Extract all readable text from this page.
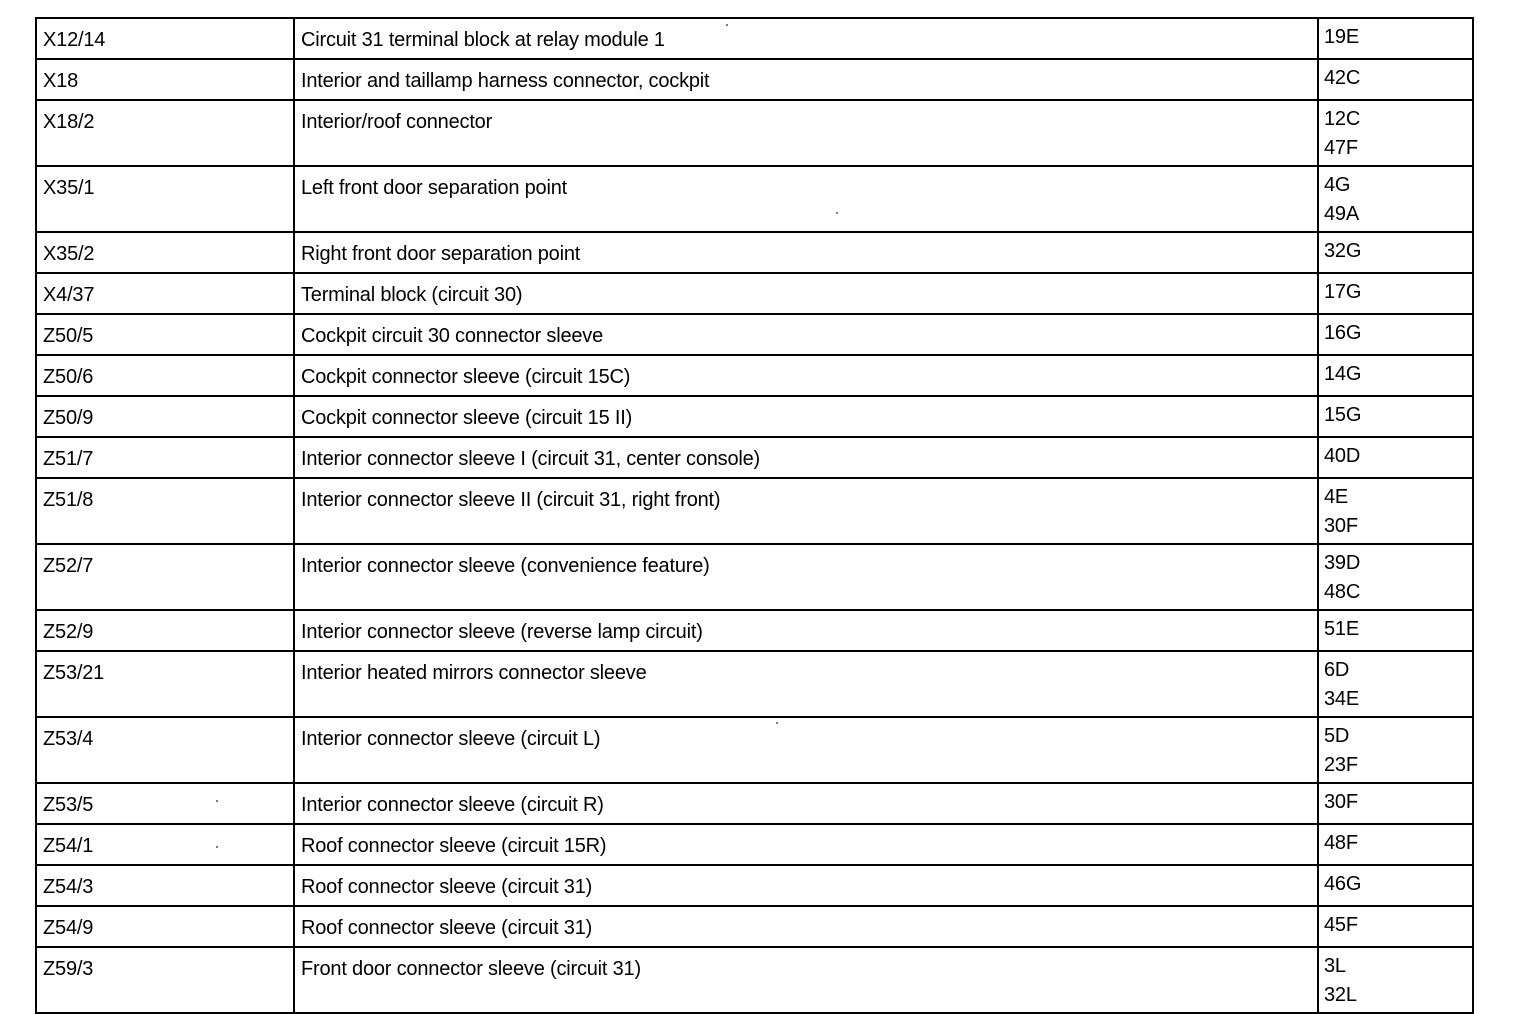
X12/14	Circuit 31 terminal block at relay module 1	19E

X18	Interior and taillamp harness connector, cockpit	42C

X18/2	Interior/roof connector	12C
47F

X35/1	Left front door separation point	4G
49A

X35/2	Right front door separation point	32G

X4/37	Terminal block (circuit 30)	17G

Z50/5	Cockpit circuit 30 connector sleeve	16G

Z50/6	Cockpit connector sleeve (circuit 15C)	14G

Z50/9	Cockpit connector sleeve (circuit 15 II)	15G

Z51/7	Interior connector sleeve I (circuit 31, center console)	40D

Z51/8	Interior connector sleeve II (circuit 31, right front)	4E
30F

Z52/7	Interior connector sleeve (convenience feature)	39D
48C

Z52/9	Interior connector sleeve (reverse lamp circuit)	51E

Z53/21	Interior heated mirrors connector sleeve	6D
34E

Z53/4	Interior connector sleeve (circuit L)	5D
23F

Z53/5	Interior connector sleeve (circuit R)	30F

Z54/1	Roof connector sleeve (circuit 15R)	48F

Z54/3	Roof connector sleeve (circuit 31)	46G

Z54/9	Roof connector sleeve (circuit 31)	45F

Z59/3	Front door connector sleeve (circuit 31)	3L
32L
